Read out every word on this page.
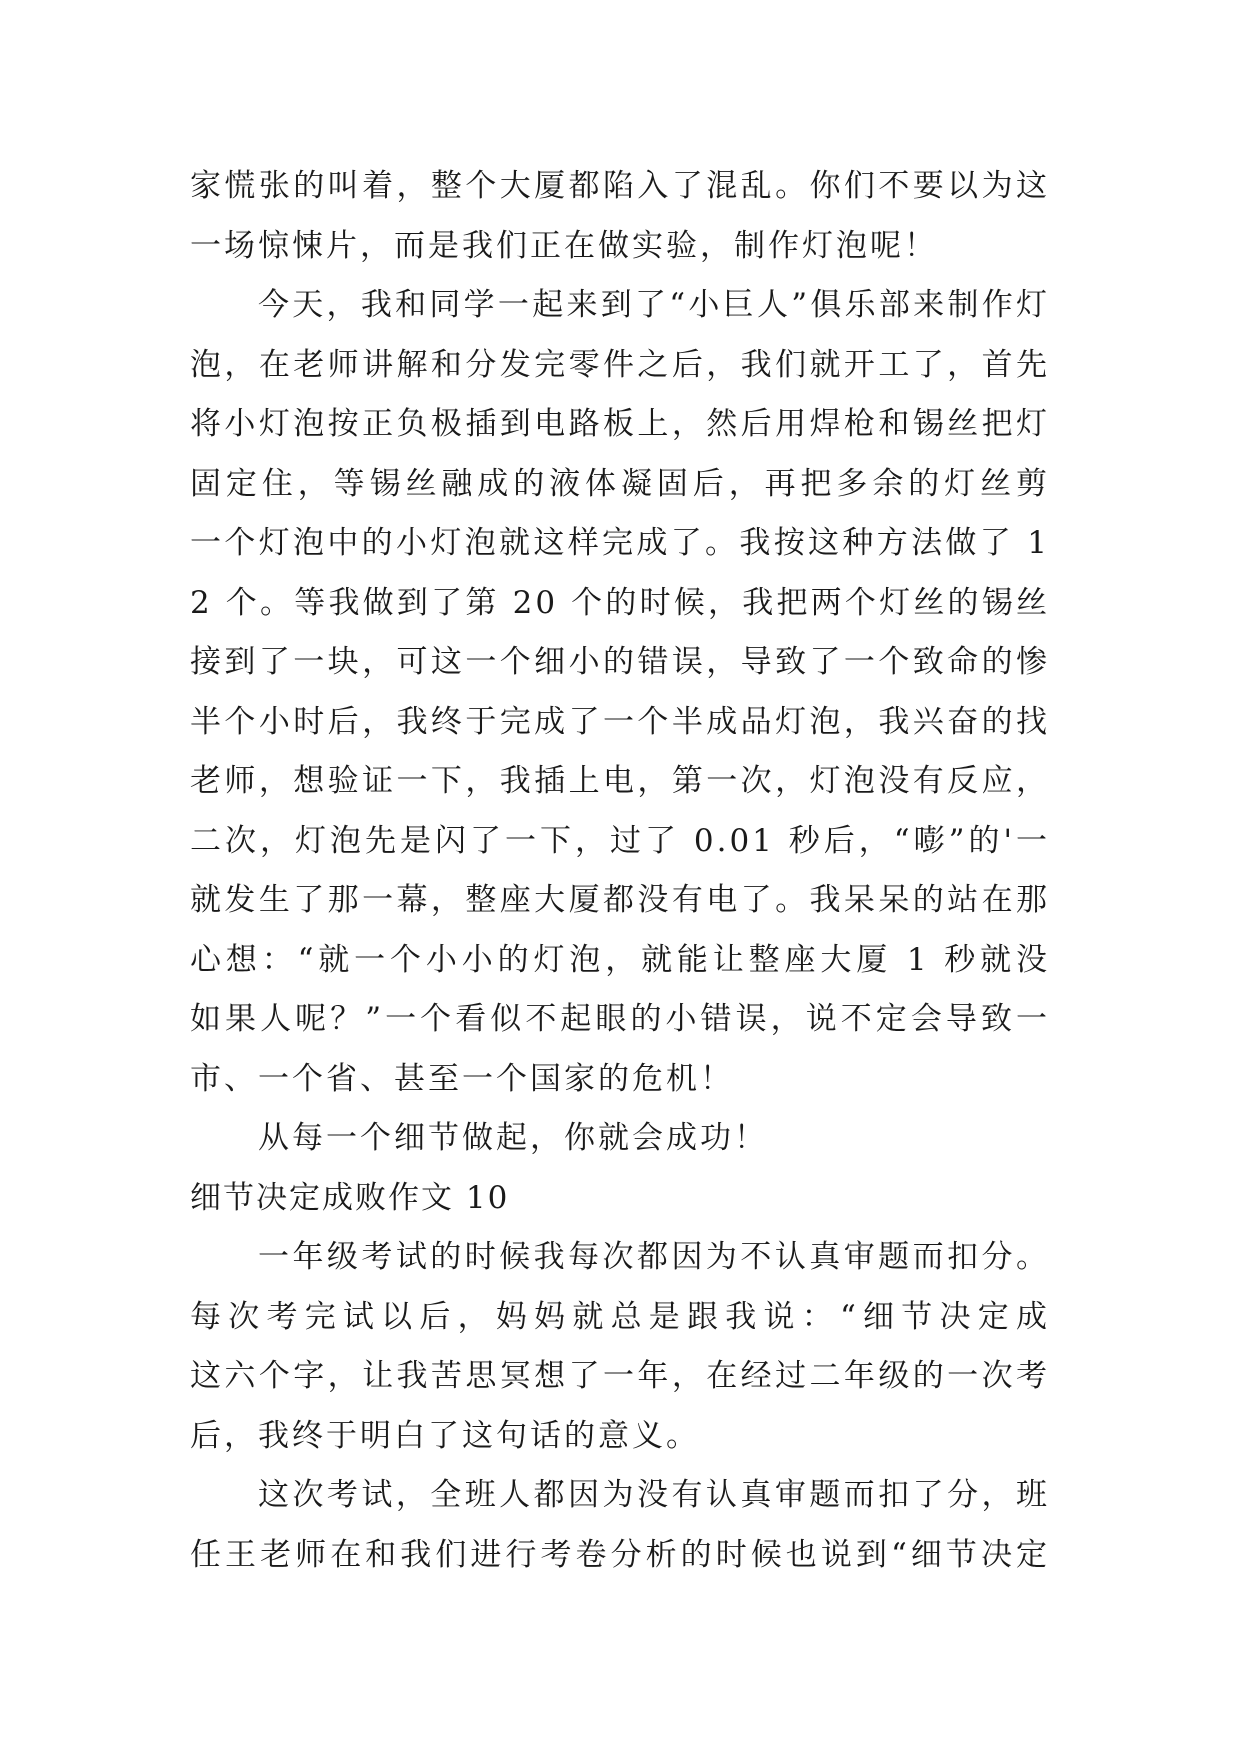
家慌张的叫着，整个大厦都陷入了混乱。你们不要以为这
一场惊悚片，而是我们正在做实验，制作灯泡呢！
今天，我和同学一起来到了“小巨人”俱乐部来制作灯
泡，在老师讲解和分发完零件之后，我们就开工了，首先
将小灯泡按正负极插到电路板上，然后用焊枪和锡丝把灯
固定住，等锡丝融成的液体凝固后，再把多余的灯丝剪
一个灯泡中的小灯泡就这样完成了。我按这种方法做了 1
2 个。等我做到了第 20 个的时候，我把两个灯丝的锡丝
接到了一块，可这一个细小的错误，导致了一个致命的惨
半个小时后，我终于完成了一个半成品灯泡，我兴奋的找
老师，想验证一下，我插上电，第一次，灯泡没有反应，
二次，灯泡先是闪了一下，过了 0.01 秒后，“嘭”的'一
就发生了那一幕，整座大厦都没有电了。我呆呆的站在那
心想：“就一个小小的灯泡，就能让整座大厦 1 秒就没
如果人呢？”一个看似不起眼的小错误，说不定会导致一
市、一个省、甚至一个国家的危机！
从每一个细节做起，你就会成功！
细节决定成败作文 10
一年级考试的时候我每次都因为不认真审题而扣分。
每次考完试以后，妈妈就总是跟我说：“细节决定成
这六个字，让我苦思冥想了一年，在经过二年级的一次考
后，我终于明白了这句话的意义。
这次考试，全班人都因为没有认真审题而扣了分，班
任王老师在和我们进行考卷分析的时候也说到“细节决定
